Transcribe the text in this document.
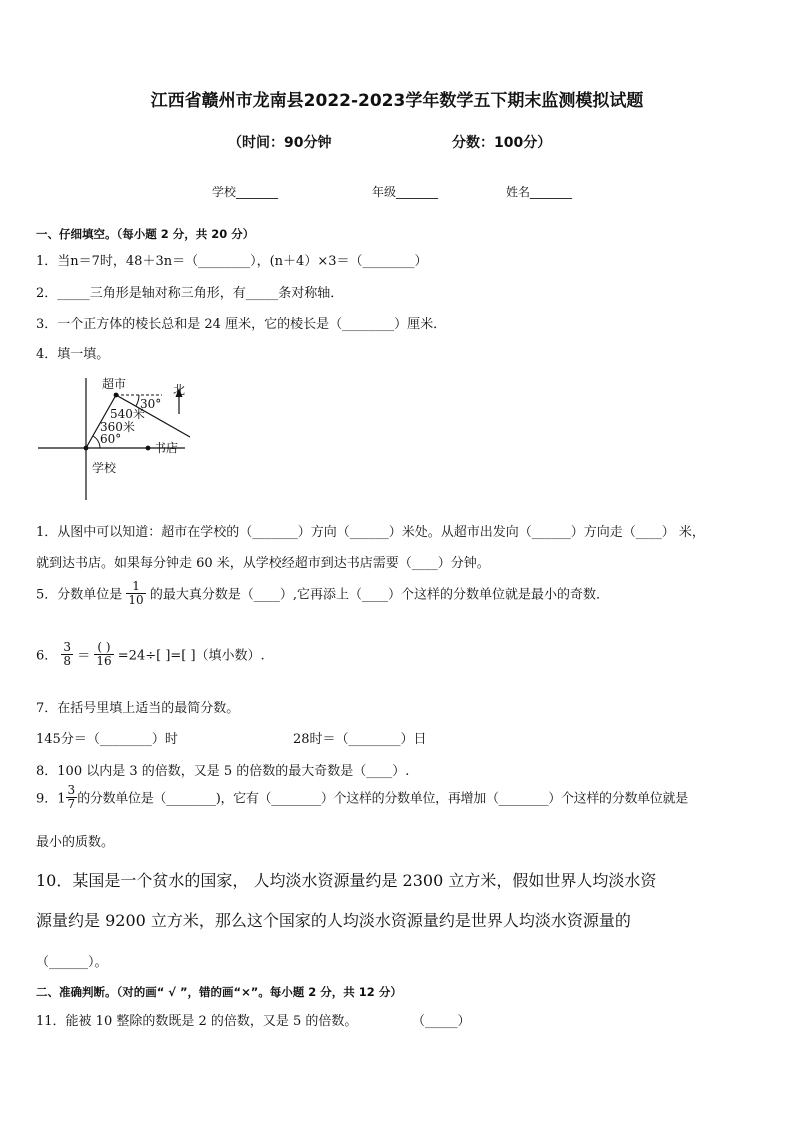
江西省赣州市龙南县2022-2023学年数学五下期末监测模拟试题
（时间：90分钟	分数：100分）
学校_______	年级_______	姓名_______
一、仔细填空。（每小题 2 分，共 20 分）
1．当n＝7时，48＋3n＝（________），(n＋4）×3＝（________）
2．_____三角形是轴对称三角形，有_____条对称轴．
3．一个正方体的棱长总和是 24 厘米，它的棱长是（________）厘米．
4．填一填。
超市	北
30°
540米
360米
60°
书店
学校
1．从图中可以知道：超市在学校的（_______）方向（______）米处。从超市出发向（______）方向走（____） 米，
就到达书店。如果每分钟走 60 米，从学校经超市到达书店需要（____）分钟。
5．分数单位是 $\frac{1}{10}$ 的最大真分数是（____）,它再添上（____）个这样的分数单位就是最小的奇数．
6． $\frac{3}{8} = \frac{( )}{16} =24\div$[ ]=[ ]（填小数）.
7．在括号里填上适当的最简分数。
145分＝（________）时	28时＝（________）日
8．100 以内是 3 的倍数，又是 5 的倍数的最大奇数是（____）.
9．$1 \frac{3}{7}$ 的分数单位是（________)，它有（________）个这样的分数单位，再增加（________）个这样的分数单位就是
最小的质数。
10．某国是一个贫水的国家， 人均淡水资源量约是 2300 立方米，假如世界人均淡水资
源量约是 9200 立方米，那么这个国家的人均淡水资源量约是世界人均淡水资源量的
（______）。
二、准确判断。（对的画“ √ ”，错的画“×”。每小题 2 分，共 12 分）
11．能被 10 整除的数既是 2 的倍数，又是 5 的倍数。	（_____）
